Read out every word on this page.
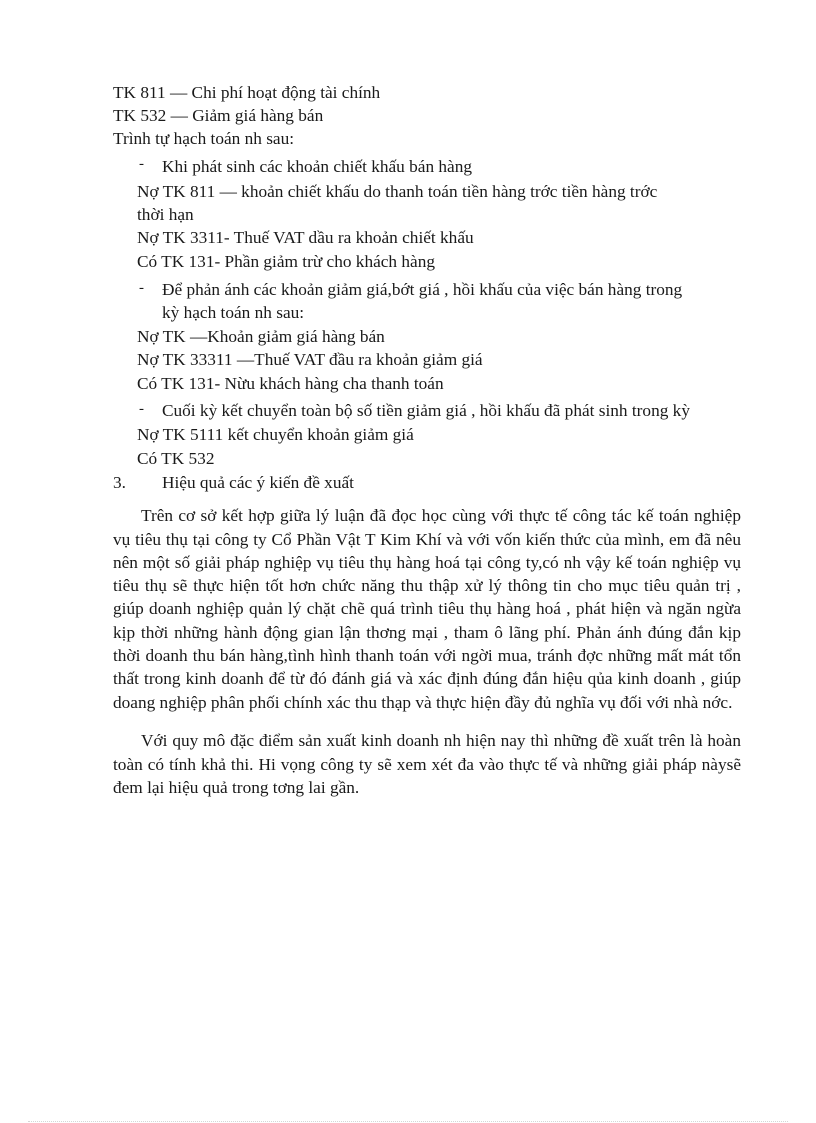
TK 811 — Chi phí hoạt động tài chính
TK 532 — Giảm giá hàng bán
Trình tự hạch toán nh sau:
- Khi phát sinh các khoản chiết khấu bán hàng
Nợ TK 811 — khoản chiết khấu do thanh toán tiền hàng trớc tiền hàng trớc
thời hạn
Nợ TK 3311- Thuế VAT dầu ra khoản chiết khấu
Có TK 131- Phần giảm trừ cho khách hàng
- Để phản ánh các khoản giảm giá,bớt giá , hồi khấu của việc bán hàng trong
kỳ hạch toán nh sau:
Nợ TK —Khoản giảm giá hàng bán
Nợ TK 33311 —Thuế VAT đầu ra khoản giảm giá
Có TK 131- Nừu khách hàng cha thanh toán
- Cuối kỳ kết chuyển toàn bộ số tiền giảm giá , hồi khấu đã phát sinh trong kỳ
Nợ TK 5111 kết chuyển khoản giảm giá
Có TK 532
3. Hiệu quả các ý kiến đề xuất

Trên cơ sở kết hợp giữa lý luận đã đọc học cùng với thực tế công tác kế toán nghiệp vụ tiêu thụ tại công ty Cổ Phần Vật T Kim Khí và với vốn kiến thức của mình, em đã nêu nên một số giải pháp nghiệp vụ tiêu thụ hàng hoá tại công ty,có nh vậy kế toán nghiệp vụ tiêu thụ sẽ thực hiện tốt hơn chức năng thu thập xử lý thông tin cho mục tiêu quản trị , giúp doanh nghiệp quản lý chặt chẽ quá trình tiêu thụ hàng hoá , phát hiện và ngăn ngừa kịp thời những hành động gian lận thơng mại , tham ô lãng phí. Phản ánh đúng đắn kịp thời doanh thu bán hàng,tình hình thanh toán với ngời mua, tránh đợc những mất mát tổn thất trong kinh doanh để từ đó đánh giá và xác định đúng đắn hiệu qủa kinh doanh , giúp doang nghiệp phân phối chính xác thu thạp và thực hiện đầy đủ nghĩa vụ đối với nhà nớc.

Với quy mô đặc điểm sản xuất kinh doanh nh hiện nay thì những đề xuất trên là hoàn toàn có tính khả thi. Hi vọng công ty sẽ xem xét đa vào thực tế và những giải pháp nàysẽ đem lại hiệu quả trong tơng lai gần.
